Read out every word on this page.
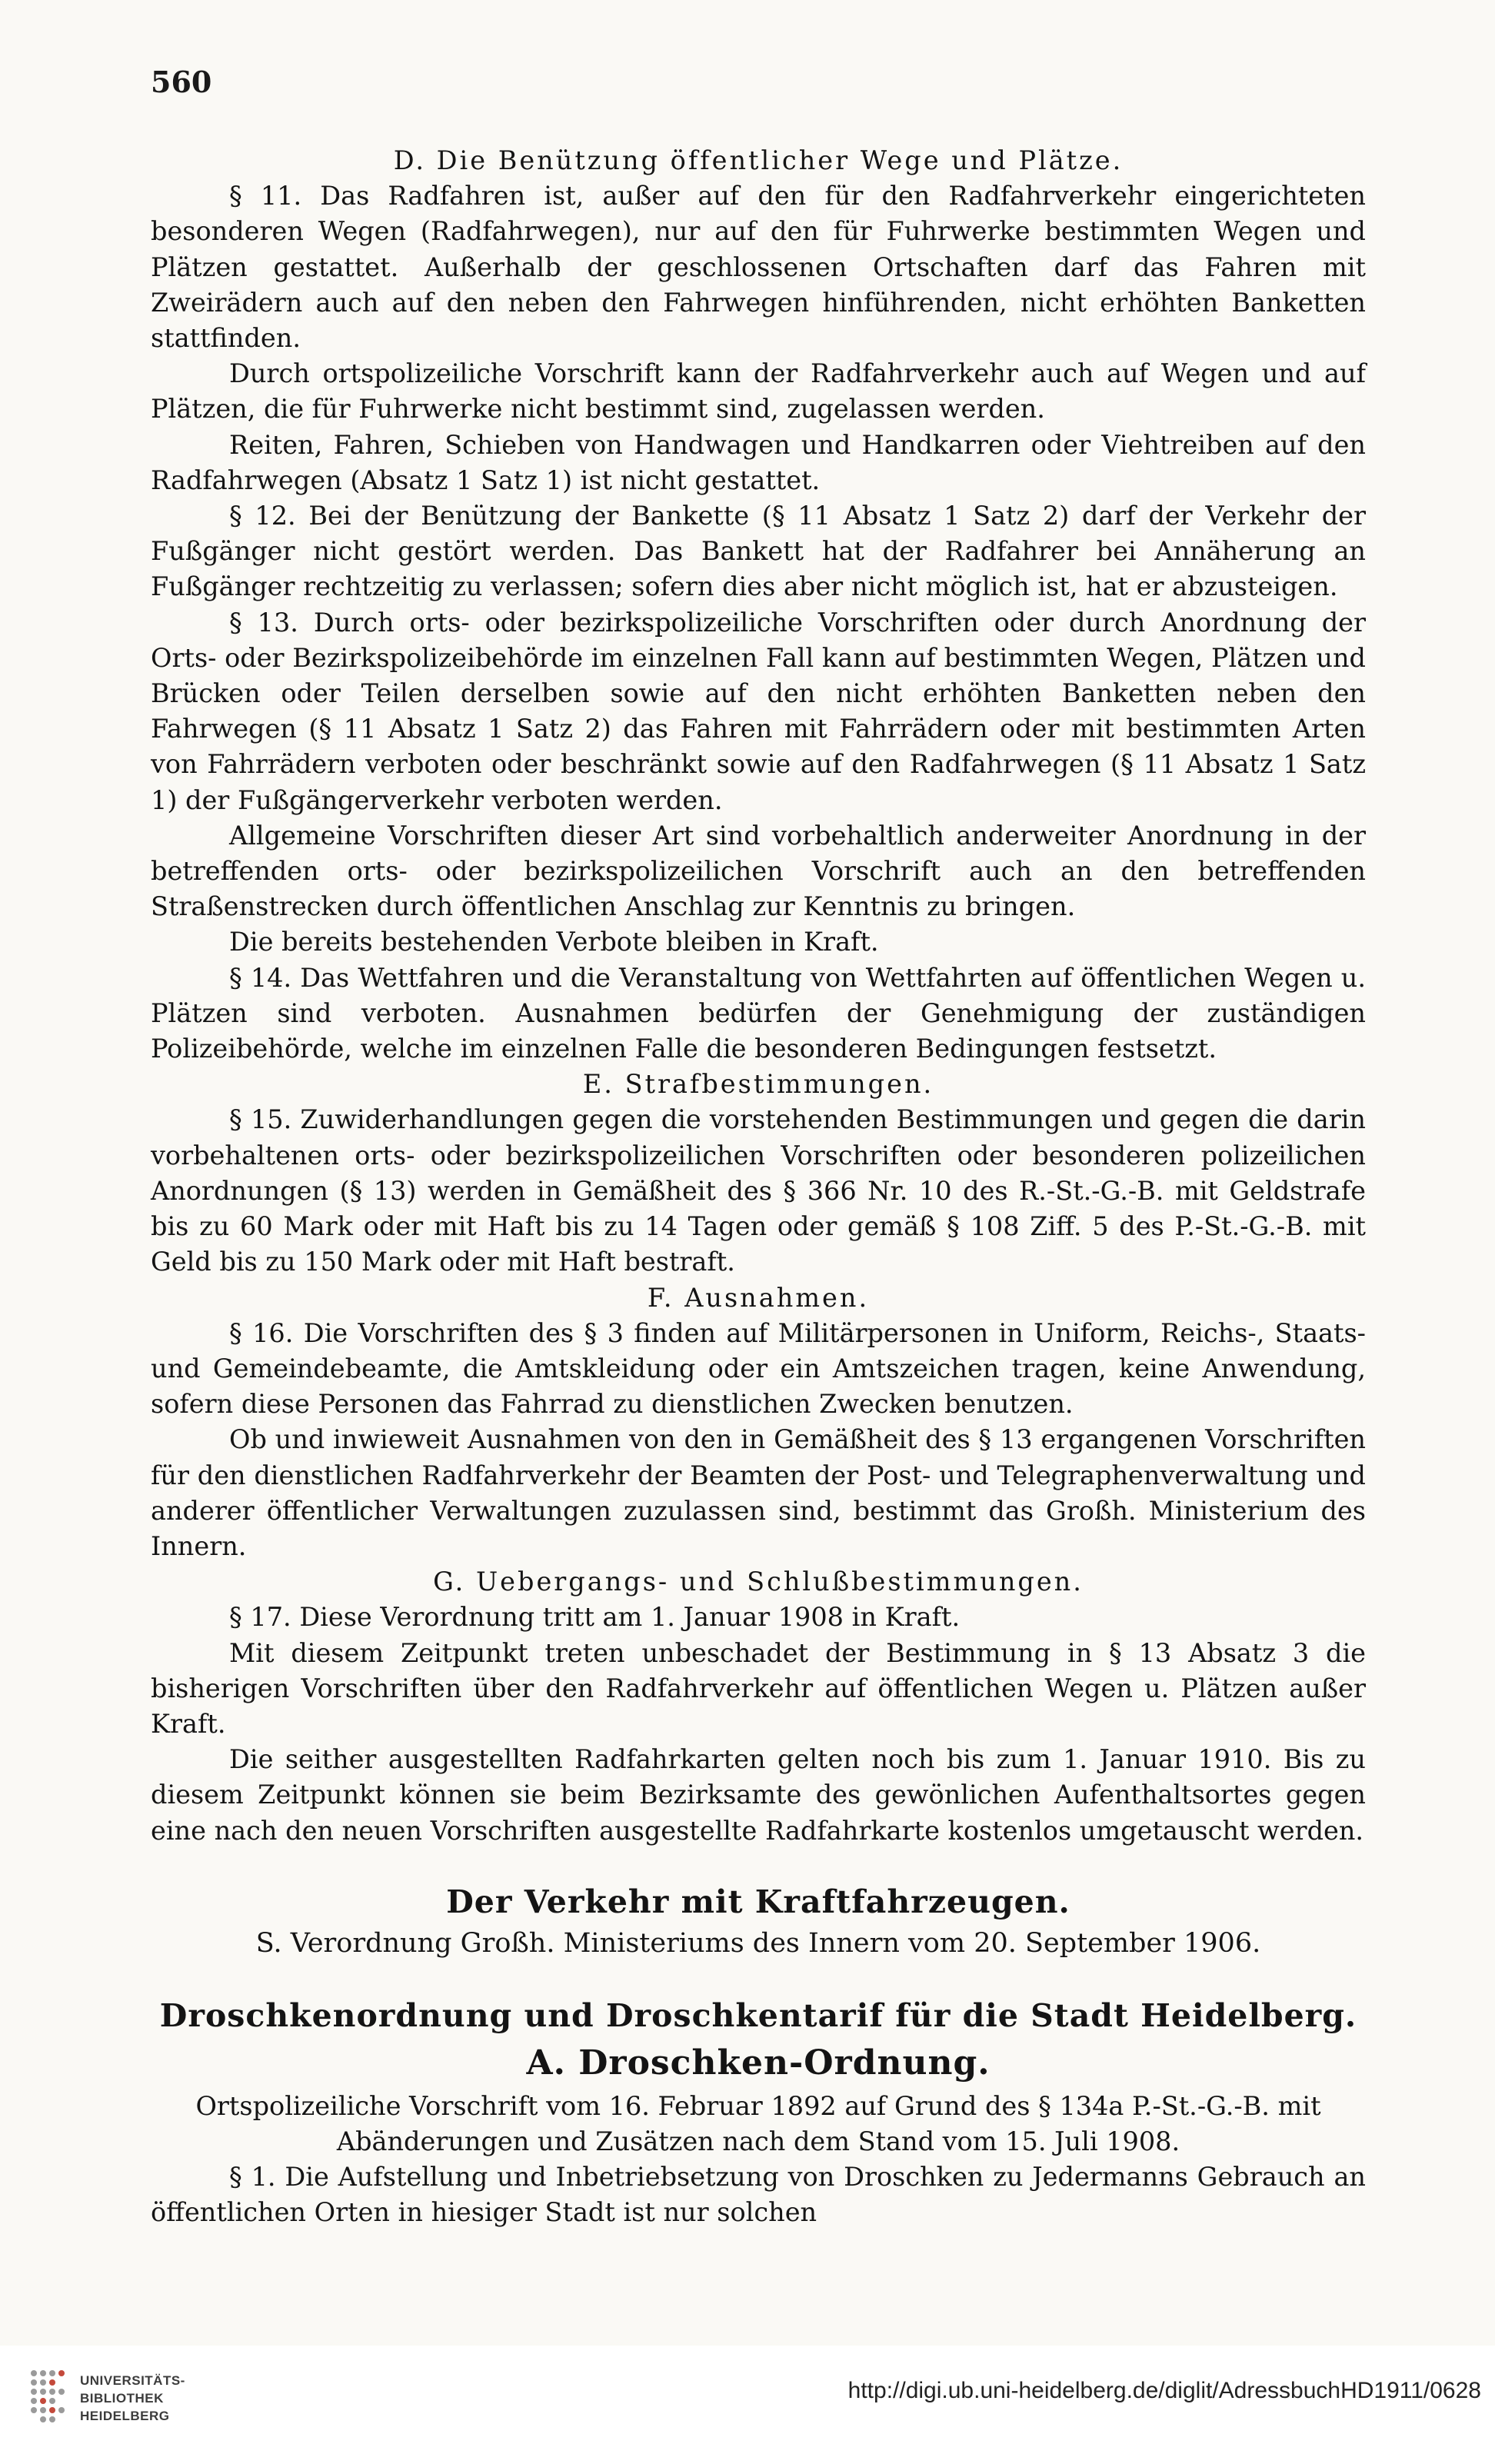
560
D. Die Benützung öffentlicher Wege und Plätze.

§ 11. Das Radfahren ist, außer auf den für den Radfahrverkehr eingerichteten besonderen Wegen (Radfahrwegen), nur auf den für Fuhrwerke bestimmten Wegen und Plätzen gestattet. Außerhalb der geschlossenen Ortschaften darf das Fahren mit Zweirädern auch auf den neben den Fahrwegen hinführenden, nicht erhöhten Banketten stattfinden.

Durch ortspolizeiliche Vorschrift kann der Radfahrverkehr auch auf Wegen und auf Plätzen, die für Fuhrwerke nicht bestimmt sind, zugelassen werden.

Reiten, Fahren, Schieben von Handwagen und Handkarren oder Viehtreiben auf den Radfahrwegen (Absatz 1 Satz 1) ist nicht gestattet.

§ 12. Bei der Benützung der Bankette (§ 11 Absatz 1 Satz 2) darf der Verkehr der Fußgänger nicht gestört werden. Das Bankett hat der Radfahrer bei Annäherung an Fußgänger rechtzeitig zu verlassen; sofern dies aber nicht möglich ist, hat er abzusteigen.

§ 13. Durch orts- oder bezirkspolizeiliche Vorschriften oder durch Anordnung der Orts- oder Bezirkspolizeibehörde im einzelnen Fall kann auf bestimmten Wegen, Plätzen und Brücken oder Teilen derselben sowie auf den nicht erhöhten Banketten neben den Fahrwegen (§ 11 Absatz 1 Satz 2) das Fahren mit Fahrrädern oder mit bestimmten Arten von Fahrrädern verboten oder beschränkt sowie auf den Radfahrwegen (§ 11 Absatz 1 Satz 1) der Fußgängerverkehr verboten werden.

Allgemeine Vorschriften dieser Art sind vorbehaltlich anderweiter Anordnung in der betreffenden orts- oder bezirkspolizeilichen Vorschrift auch an den betreffenden Straßenstrecken durch öffentlichen Anschlag zur Kenntnis zu bringen.

Die bereits bestehenden Verbote bleiben in Kraft.

§ 14. Das Wettfahren und die Veranstaltung von Wettfahrten auf öffentlichen Wegen u. Plätzen sind verboten. Ausnahmen bedürfen der Genehmigung der zuständigen Polizeibehörde, welche im einzelnen Falle die besonderen Bedingungen festsetzt.

E. Strafbestimmungen.

§ 15. Zuwiderhandlungen gegen die vorstehenden Bestimmungen und gegen die darin vorbehaltenen orts- oder bezirkspolizeilichen Vorschriften oder besonderen polizeilichen Anordnungen (§ 13) werden in Gemäßheit des § 366 Nr. 10 des R.-St.-G.-B. mit Geldstrafe bis zu 60 Mark oder mit Haft bis zu 14 Tagen oder gemäß § 108 Ziff. 5 des P.-St.-G.-B. mit Geld bis zu 150 Mark oder mit Haft bestraft.

F. Ausnahmen.

§ 16. Die Vorschriften des § 3 finden auf Militärpersonen in Uniform, Reichs-, Staats- und Gemeindebeamte, die Amtskleidung oder ein Amtszeichen tragen, keine Anwendung, sofern diese Personen das Fahrrad zu dienstlichen Zwecken benutzen.

Ob und inwieweit Ausnahmen von den in Gemäßheit des § 13 ergangenen Vorschriften für den dienstlichen Radfahrverkehr der Beamten der Post- und Telegraphenverwaltung und anderer öffentlicher Verwaltungen zuzulassen sind, bestimmt das Großh. Ministerium des Innern.

G. Uebergangs- und Schlußbestimmungen.

§ 17. Diese Verordnung tritt am 1. Januar 1908 in Kraft.

Mit diesem Zeitpunkt treten unbeschadet der Bestimmung in § 13 Absatz 3 die bisherigen Vorschriften über den Radfahrverkehr auf öffentlichen Wegen u. Plätzen außer Kraft.

Die seither ausgestellten Radfahrkarten gelten noch bis zum 1. Januar 1910. Bis zu diesem Zeitpunkt können sie beim Bezirksamte des gewönlichen Aufenthaltsortes gegen eine nach den neuen Vorschriften ausgestellte Radfahrkarte kostenlos umgetauscht werden.

Der Verkehr mit Kraftfahrzeugen.
S. Verordnung Großh. Ministeriums des Innern vom 20. September 1906.
Droschkenordnung und Droschkentarif für die Stadt Heidelberg.
A. Droschken-Ordnung.

Ortspolizeiliche Vorschrift vom 16. Februar 1892 auf Grund des § 134a P.-St.-G.-B. mit Abänderungen und Zusätzen nach dem Stand vom 15. Juli 1908.

§ 1. Die Aufstellung und Inbetriebsetzung von Droschken zu Jedermanns Gebrauch an öffentlichen Orten in hiesiger Stadt ist nur solchen

UNIVERSITÄTS-
BIBLIOTHEK
HEIDELBERG
http://digi.ub.uni-heidelberg.de/diglit/AdressbuchHD1911/0628
